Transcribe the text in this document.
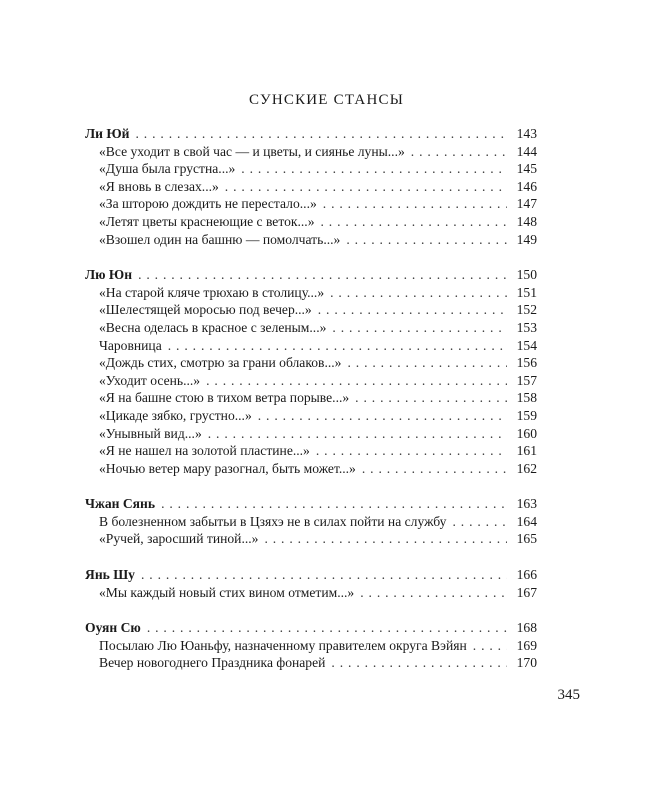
СУНСКИЕ СТАНСЫ
Ли Юй . . .	143
«Все уходит в свой час — и цветы, и сиянье луны...» . . .	144
«Душа была грустна...» . . .	145
«Я вновь в слезах...» . . .	146
«За шторою дождить не перестало...» . . .	147
«Летят цветы краснеющие с веток...» . . .	148
«Взошел один на башню — помолчать...» . . .	149
Лю Юн . . .	150
«На старой кляче трюхаю в столицу...» . . .	151
«Шелестящей моросью под вечер...» . . .	152
«Весна оделась в красное с зеленым...» . . .	153
Чаровница . . .	154
«Дождь стих, смотрю за грани облаков...» . . .	156
«Уходит осень...» . . .	157
«Я на башне стою в тихом ветра порыве...» . . .	158
«Цикаде зябко, грустно...» . . .	159
«Унывный вид...» . . .	160
«Я не нашел на золотой пластине...» . . .	161
«Ночью ветер мару разогнал, быть может...» . . .	162
Чжан Сянь . . .	163
В болезненном забытьи в Цзяхэ не в силах пойти на службу . . .	164
«Ручей, заросший тиной...» . . .	165
Янь Шу . . .	166
«Мы каждый новый стих вином отметим...» . . .	167
Оуян Сю . . .	168
Посылаю Лю Юаньфу, назначенному правителем округа Вэйян . . .	169
Вечер новогоднего Праздника фонарей . . .	170
345
